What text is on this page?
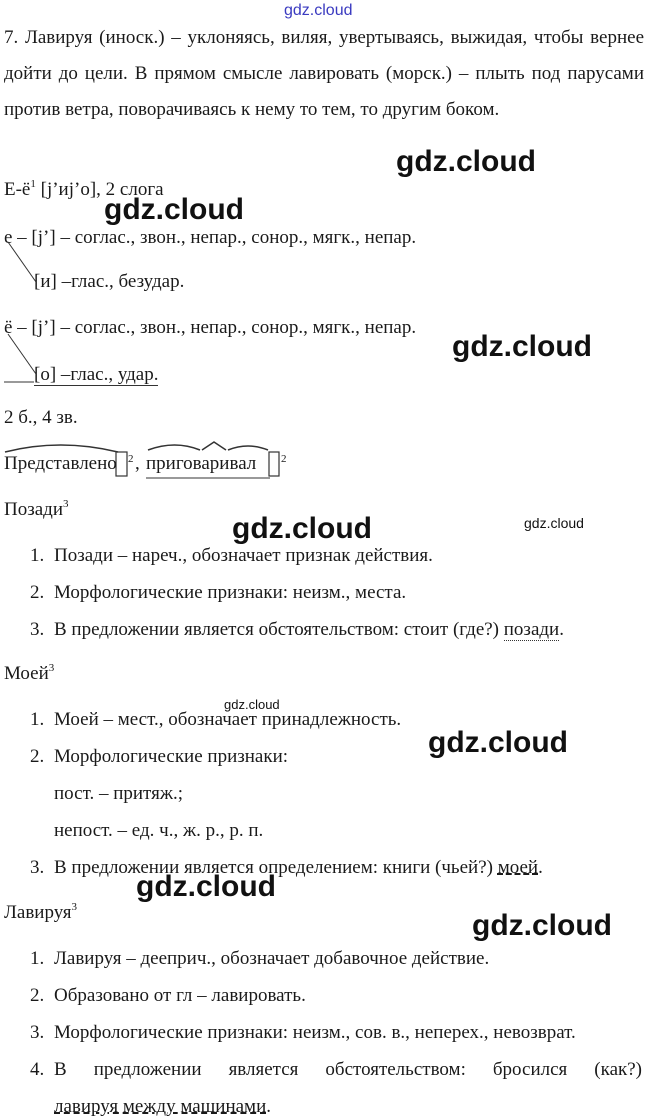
gdz.cloud
gdz.cloud
gdz.cloud
gdz.cloud
gdz.cloud	gdz.cloud
gdz.cloud
gdz.cloud
gdz.cloud
gdz.cloud
7. Лавируя (иноск.) – уклоняясь, виляя, увертываясь, выжидая, чтобы вернее дойти до цели. В прямом смысле лавировать (морск.) – плыть под парусами против ветра, поворачиваясь к нему то тем, то другим боком.
$Е-ё^1$ [j’иj’о], 2 слога
е – [j’] – соглас., звон., непар., сонор., мягк., непар.
[и] –глас., безудар.
ё – [j’] – соглас., звон., непар., сонор., мягк., непар.
[о] –глас., удар.
2 б., 4 зв.
Представлено 2 , приговаривал 2
Позади$^3$
1. Позади – нареч., обозначает признак действия.
2. Морфологические признаки: неизм., места.
3. В предложении является обстоятельством: стоит (где?) позади.
Моей$^3$
1. Моей – мест., обозначает принадлежность.
2. Морфологические признаки:
пост. – притяж.;
непост. – ед. ч., ж. р., р. п.
3. В предложении является определением: книги (чьей?) моей.
Лавируя$^3$
1. Лавируя – дееприч., обозначает добавочное действие.
2. Образовано от гл – лавировать.
3. Морфологические признаки: неизм., сов. в., неперех., невозврат.
4. В предложении является обстоятельством: бросился (как?)
лавируя между машинами.
